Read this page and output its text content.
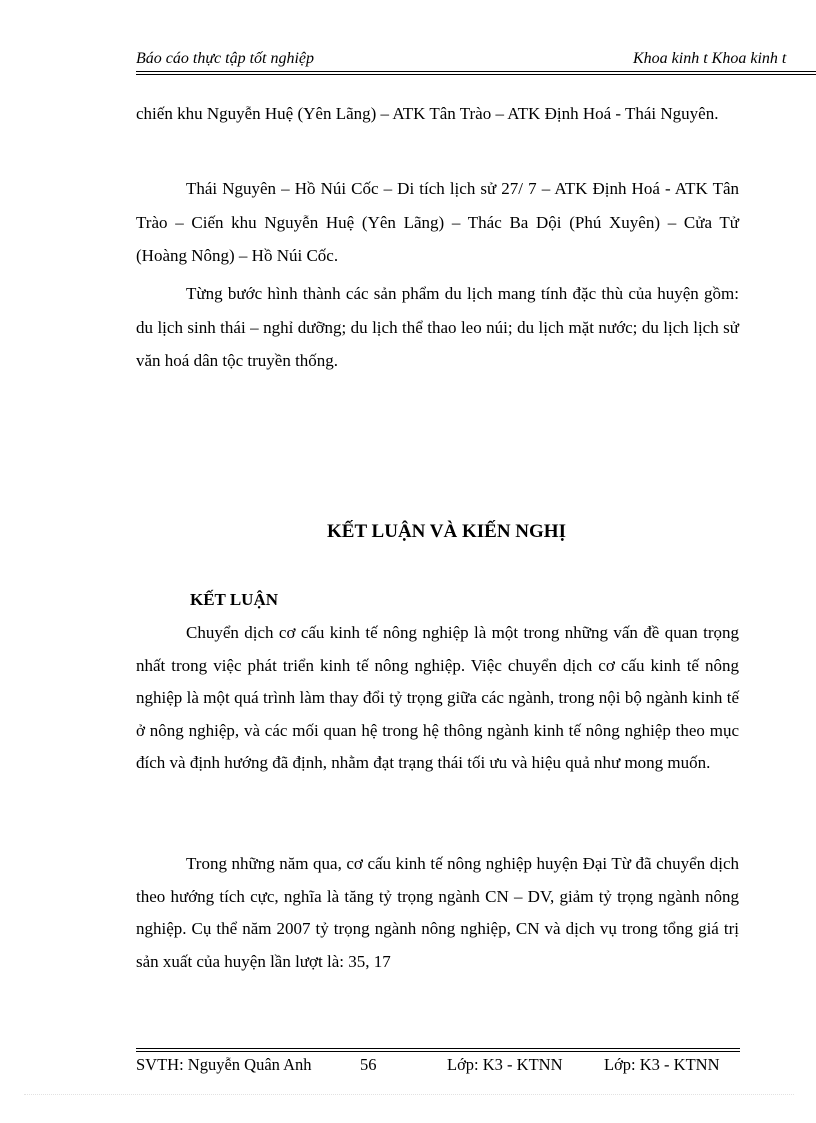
Báo cáo thực tập tốt nghiệp	Khoa kinh t Khoa kinh t

chiến khu Nguyễn Huệ (Yên Lãng) – ATK Tân Trào – ATK Định Hoá - Thái Nguyên.

Thái Nguyên – Hồ Núi Cốc – Di tích lịch sử 27/ 7 – ATK Định Hoá - ATK Tân Trào – Ciến khu Nguyễn Huệ (Yên Lãng) – Thác Ba Dội (Phú Xuyên) – Cửa Tử (Hoàng Nông) – Hồ Núi Cốc.

Từng bước hình thành các sản phẩm du lịch mang tính đặc thù của huyện gồm: du lịch sinh thái – nghỉ dưỡng; du lịch thể thao leo núi; du lịch mặt nước; du lịch lịch sử văn hoá dân tộc truyền thống.

KẾT LUẬN VÀ KIẾN NGHỊ
KẾT LUẬN

Chuyển dịch cơ cấu kinh tế nông nghiệp là một trong những vấn đề quan trọng nhất trong việc phát triển kinh tế nông nghiệp. Việc chuyển dịch cơ cấu kinh tế nông nghiệp là một quá trình làm thay đổi tỷ trọng giữa các ngành, trong nội bộ ngành kinh tế ở nông nghiệp, và các mối quan hệ trong hệ thông ngành kinh tế nông nghiệp theo mục đích và định hướng đã định, nhằm đạt trạng thái tối ưu và hiệu quả như mong muốn.

Trong những năm qua, cơ cấu kinh tế nông nghiệp huyện Đại Từ đã chuyển dịch theo hướng tích cực, nghĩa là tăng tỷ trọng ngành CN – DV, giảm tỷ trọng ngành nông nghiệp. Cụ thể năm 2007 tỷ trọng ngành nông nghiệp, CN và dịch vụ trong tổng giá trị sản xuất của huyện lần lượt là: 35, 17

SVTH: Nguyễn Quân Anh	56	Lớp: K3 - KTNN	Lớp: K3 - KTNN
